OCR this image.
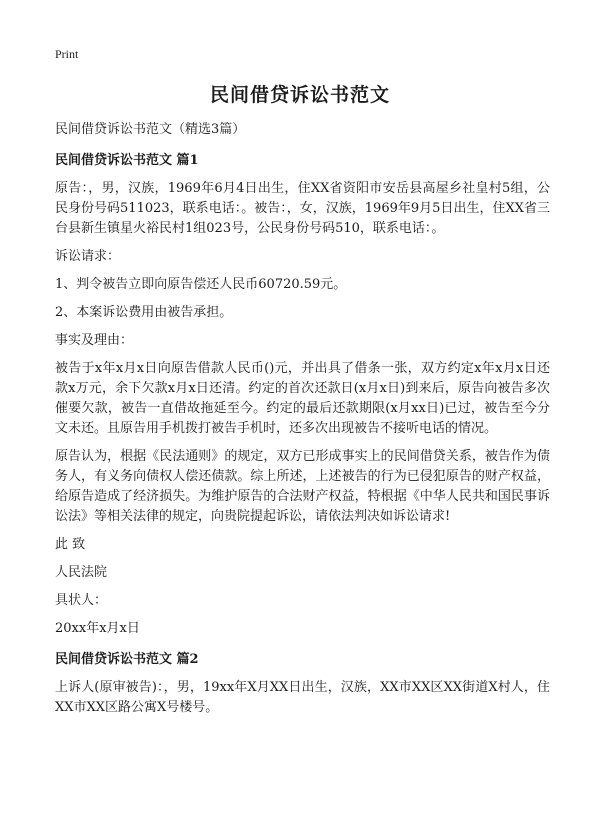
Print
民间借贷诉讼书范文

民间借贷诉讼书范文（精选3篇）

民间借贷诉讼书范文 篇1

原告：，男，汉族，1969年6月4日出生，住XX省资阳市安岳县高屋乡社皇村5组，公民身份号码511023，联系电话：。被告：，女，汉族，1969年9月5日出生，住XX省三台县新生镇星火裕民村1组023号，公民身份号码510，联系电话：。

诉讼请求：

1、判令被告立即向原告偿还人民币60720.59元。

2、本案诉讼费用由被告承担。

事实及理由：

被告于x年x月x日向原告借款人民币()元，并出具了借条一张，双方约定x年x月x日还款x万元，余下欠款x月x日还清。约定的首次还款日(x月x日)到来后，原告向被告多次催要欠款，被告一直借故拖延至今。约定的最后还款期限(x月xx日)已过，被告至今分文未还。且原告用手机拨打被告手机时，还多次出现被告不接听电话的情况。

原告认为，根据《民法通则》的规定，双方已形成事实上的民间借贷关系，被告作为债务人，有义务向债权人偿还债款。综上所述，上述被告的行为已侵犯原告的财产权益，给原告造成了经济损失。为维护原告的合法财产权益，特根据《中华人民共和国民事诉讼法》等相关法律的规定，向贵院提起诉讼，请依法判决如诉讼请求!

此 致

人民法院

具状人：

20xx年x月x日

民间借贷诉讼书范文 篇2

上诉人(原审被告)：，男，19xx年X月XX日出生，汉族，XX市XX区XX街道X村人，住XX市XX区路公寓X号楼号。
